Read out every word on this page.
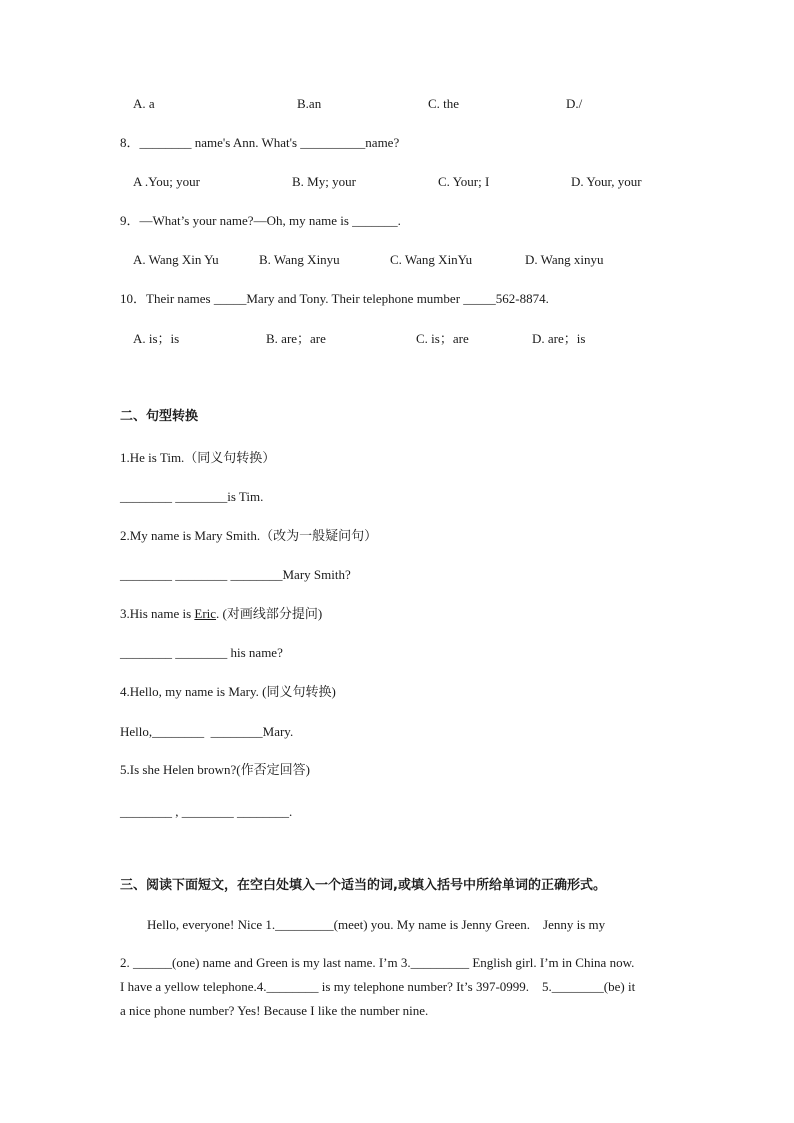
A. a	B.an	C. the	D./
8．________ name's Ann. What's __________name?
A .You; your	B. My; your	C. Your; I	D. Your, your
9．—What’s your name?—Oh, my name is _______.
A. Wang Xin Yu	B. Wang Xinyu	C. Wang XinYu	D. Wang xinyu
10．Their names _____Mary and Tony. Their telephone mumber _____562-8874.
A. is；is	B. are；are	C. is；are	D. are；is
二、句型转换
1.He is Tim.（同义句转换）
________ ________is Tim.
2.My name is Mary Smith.（改为一般疑问句）
________ ________ ________Mary Smith?
3.His name is Eric. (对画线部分提问)
________ ________ his name?
4.Hello, my name is Mary. (同义句转换)
Hello,________  ________Mary.
5.Is she Helen brown?(作否定回答)
________ , ________ ________.
三、阅读下面短文，在空白处填入一个适当的词,或填入括号中所给单词的正确形式。
Hello, everyone! Nice 1._________(meet) you. My name is Jenny Green.    Jenny is my
2. ______(one) name and Green is my last name. I’m 3._________ English girl. I’m in China now.
I have a yellow telephone.4.________ is my telephone number? It’s 397-0999.    5.________(be) it
a nice phone number? Yes! Because I like the number nine.
